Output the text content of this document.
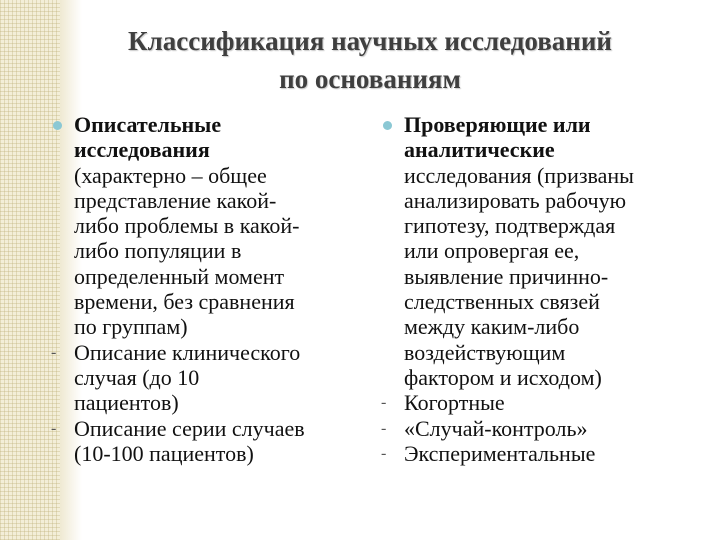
Классификация научных исследований
по основаниям
Описательные
исследования
(характерно – общее
представление какой-
либо проблемы в какой-
либо популяции в
определенный момент
времени, без сравнения
по группам)
- Описание клинического
случая (до 10
пациентов)
- Описание серии случаев
(10-100 пациентов)
Проверяющие или
аналитические
исследования (призваны
анализировать рабочую
гипотезу, подтверждая
или опровергая ее,
выявление причинно-
следственных связей
между каким-либо
воздействующим
фактором и исходом)
- Когортные
- «Случай-контроль»
- Экспериментальные
